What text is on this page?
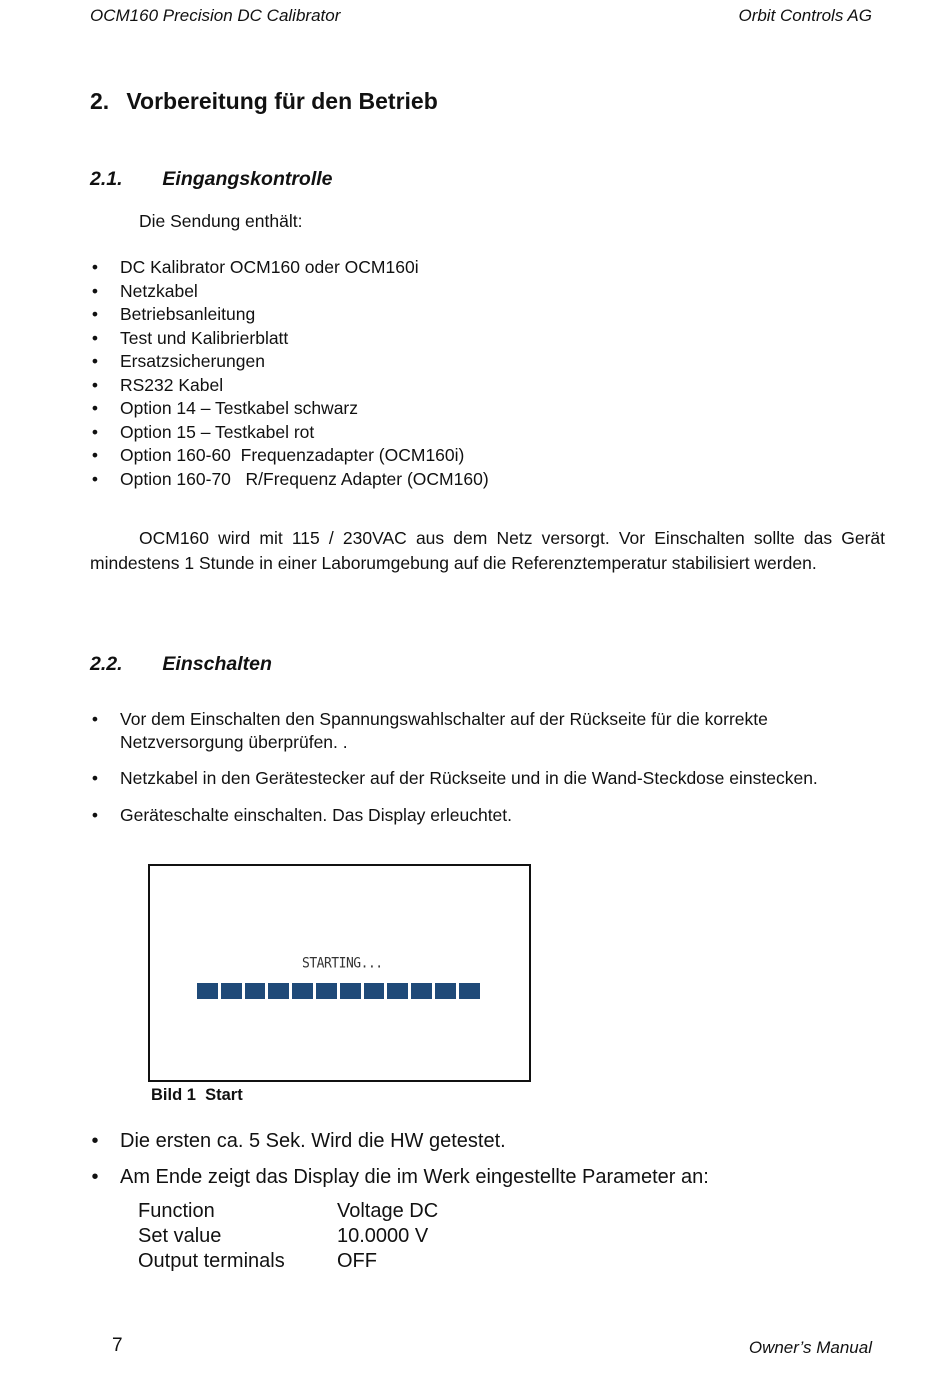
OCM160 Precision DC Calibrator	Orbit Controls AG
2. Vorbereitung für den Betrieb
2.1. Eingangskontrolle
Die Sendung enthält:
• DC Kalibrator OCM160 oder OCM160i
• Netzkabel
• Betriebsanleitung
• Test und Kalibrierblatt
• Ersatzsicherungen
• RS232 Kabel
• Option 14 – Testkabel schwarz
• Option 15 – Testkabel rot
• Option 160-60  Frequenzadapter (OCM160i)
• Option 160-70   R/Frequenz Adapter (OCM160)
OCM160 wird mit 115 / 230VAC aus dem Netz versorgt. Vor Einschalten sollte das Gerät mindestens 1 Stunde in einer Laborumgebung auf die Referenztemperatur stabilisiert werden.
2.2. Einschalten
• Vor dem Einschalten den Spannungswahlschalter auf der Rückseite für die korrekte Netzversorgung überprüfen. .
• Netzkabel in den Gerätestecker auf der Rückseite und in die Wand-Steckdose einstecken.
• Geräteschalte einschalten. Das Display erleuchtet.
STARTING...
Bild 1  Start
• Die ersten ca. 5 Sek. Wird die HW getestet.
• Am Ende zeigt das Display die im Werk eingestellte Parameter an:
Function	Voltage DC
Set value	10.0000 V
Output terminals	OFF
7	Owner’s Manual
